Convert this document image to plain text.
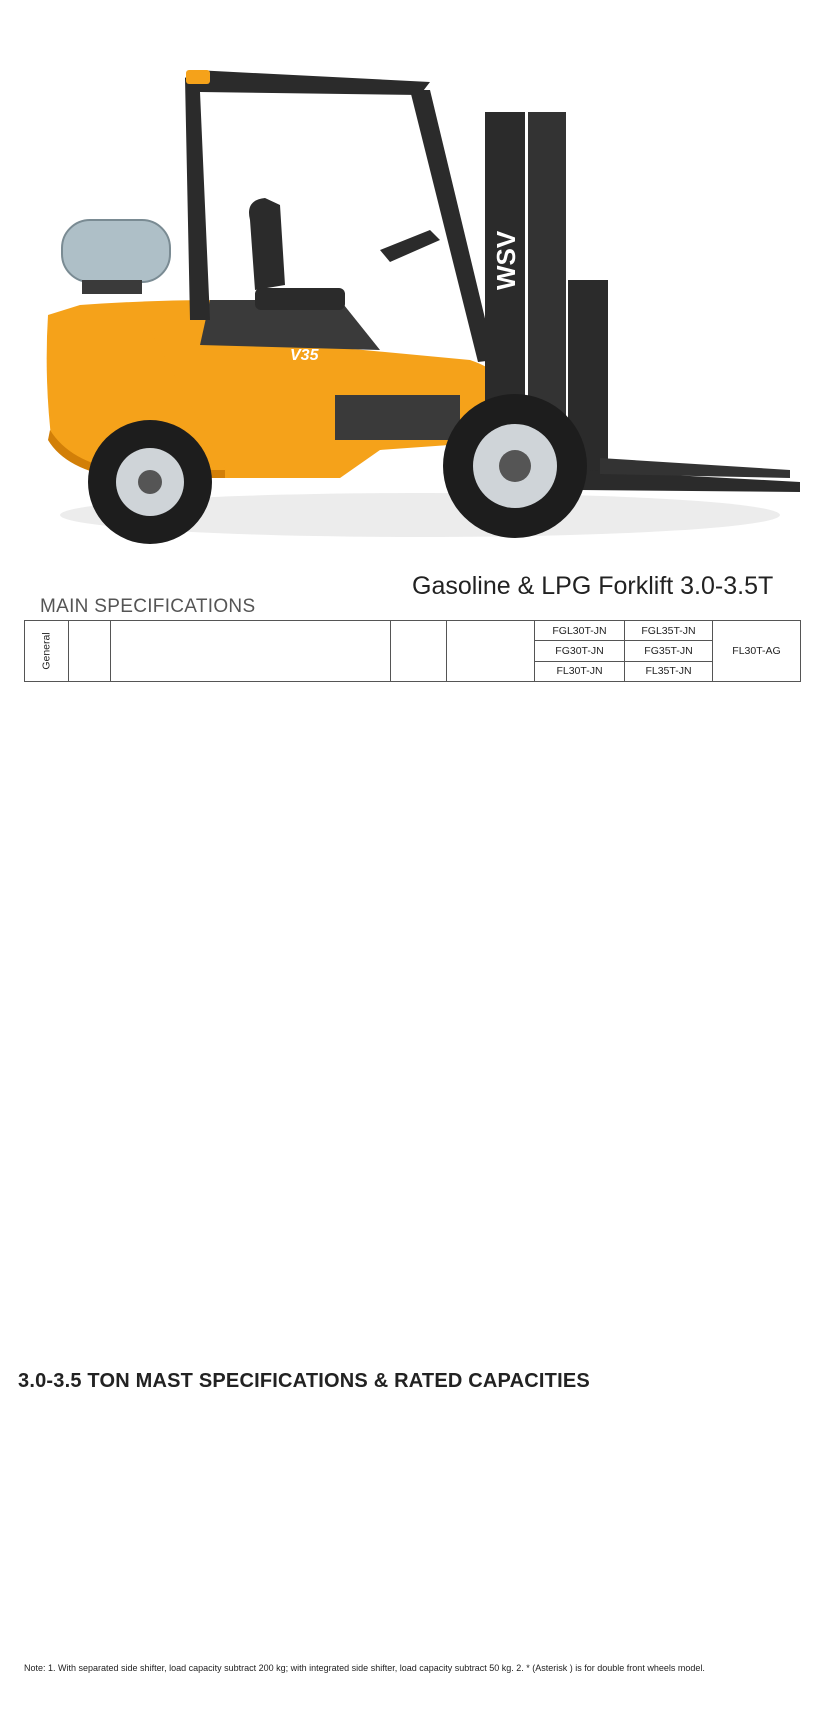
V35
WSV
Gasoline & LPG Forklift 3.0-3.5T
MAIN SPECIFICATIONS
General					FGL30T-JN	FGL35T-JN	FL30T-AG	
					FG30T-JN	FG35T-JN		
					FL30T-JN	FL35T-JN		
3.0-3.5 TON MAST SPECIFICATIONS & RATED CAPACITIES
Note: 1. With separated side shifter, load capacity subtract 200 kg; with integrated side shifter, load capacity subtract 50 kg. 2. * (Asterisk ) is for double front wheels model.
